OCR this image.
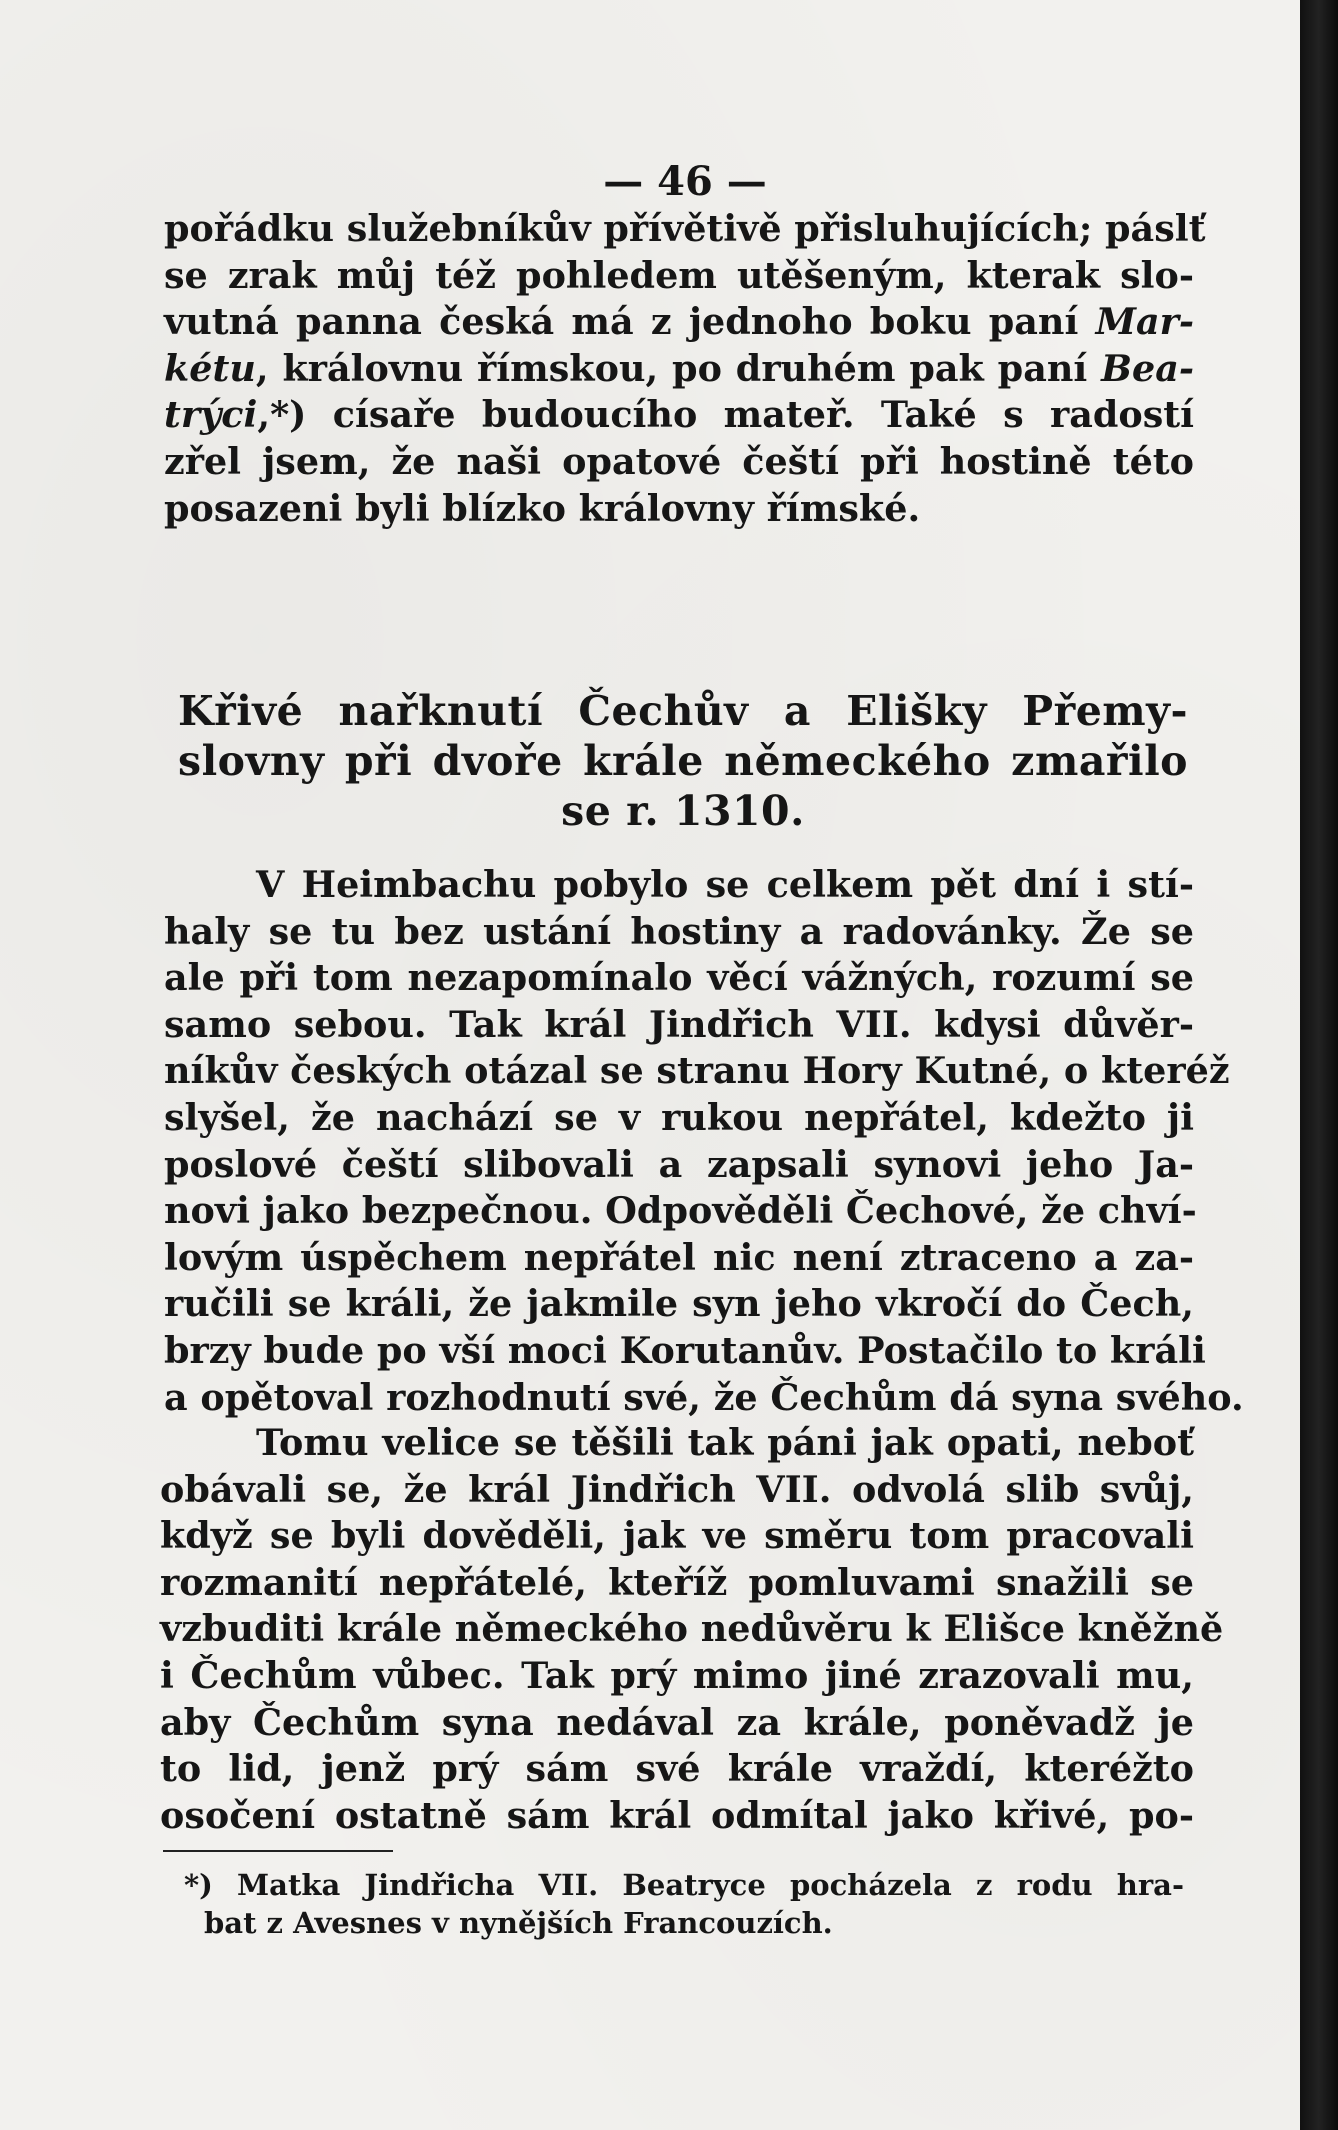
— 46 —
pořádku služebníkův přívětivě přisluhujících; páslť
se zrak můj též pohledem utěšeným, kterak slo-
vutná panna česká má z jednoho boku paní Mar-
kétu, královnu římskou, po druhém pak paní Bea-
trýci,*) císaře budoucího mateř. Také s radostí
zřel jsem, že naši opatové čeští při hostině této
posazeni byli blízko královny římské.
Křivé nařknutí Čechův a Elišky Přemy-
slovny při dvoře krále německého zmařilo
se r. 1310.
V Heimbachu pobylo se celkem pět dní i stí-
haly se tu bez ustání hostiny a radovánky. Že se
ale při tom nezapomínalo věcí vážných, rozumí se
samo sebou. Tak král Jindřich VII. kdysi důvěr-
níkův českých otázal se stranu Hory Kutné, o kteréž
slyšel, že nachází se v rukou nepřátel, kdežto ji
poslové čeští slibovali a zapsali synovi jeho Ja-
novi jako bezpečnou. Odpověděli Čechové, že chví-
lovým úspěchem nepřátel nic není ztraceno a za-
ručili se králi, že jakmile syn jeho vkročí do Čech,
brzy bude po vší moci Korutanův. Postačilo to králi
a opětoval rozhodnutí své, že Čechům dá syna svého.
Tomu velice se těšili tak páni jak opati, neboť
obávali se, že král Jindřich VII. odvolá slib svůj,
když se byli dověděli, jak ve směru tom pracovali
rozmanití nepřátelé, kteříž pomluvami snažili se
vzbuditi krále německého nedůvěru k Elišce kněžně
i Čechům vůbec. Tak prý mimo jiné zrazovali mu,
aby Čechům syna nedával za krále, poněvadž je
to lid, jenž prý sám své krále vraždí, kteréžto
osočení ostatně sám král odmítal jako křivé, po-
*) Matka Jindřicha VII. Beatryce pocházela z rodu hra-
bat z Avesnes v nynějších Francouzích.
